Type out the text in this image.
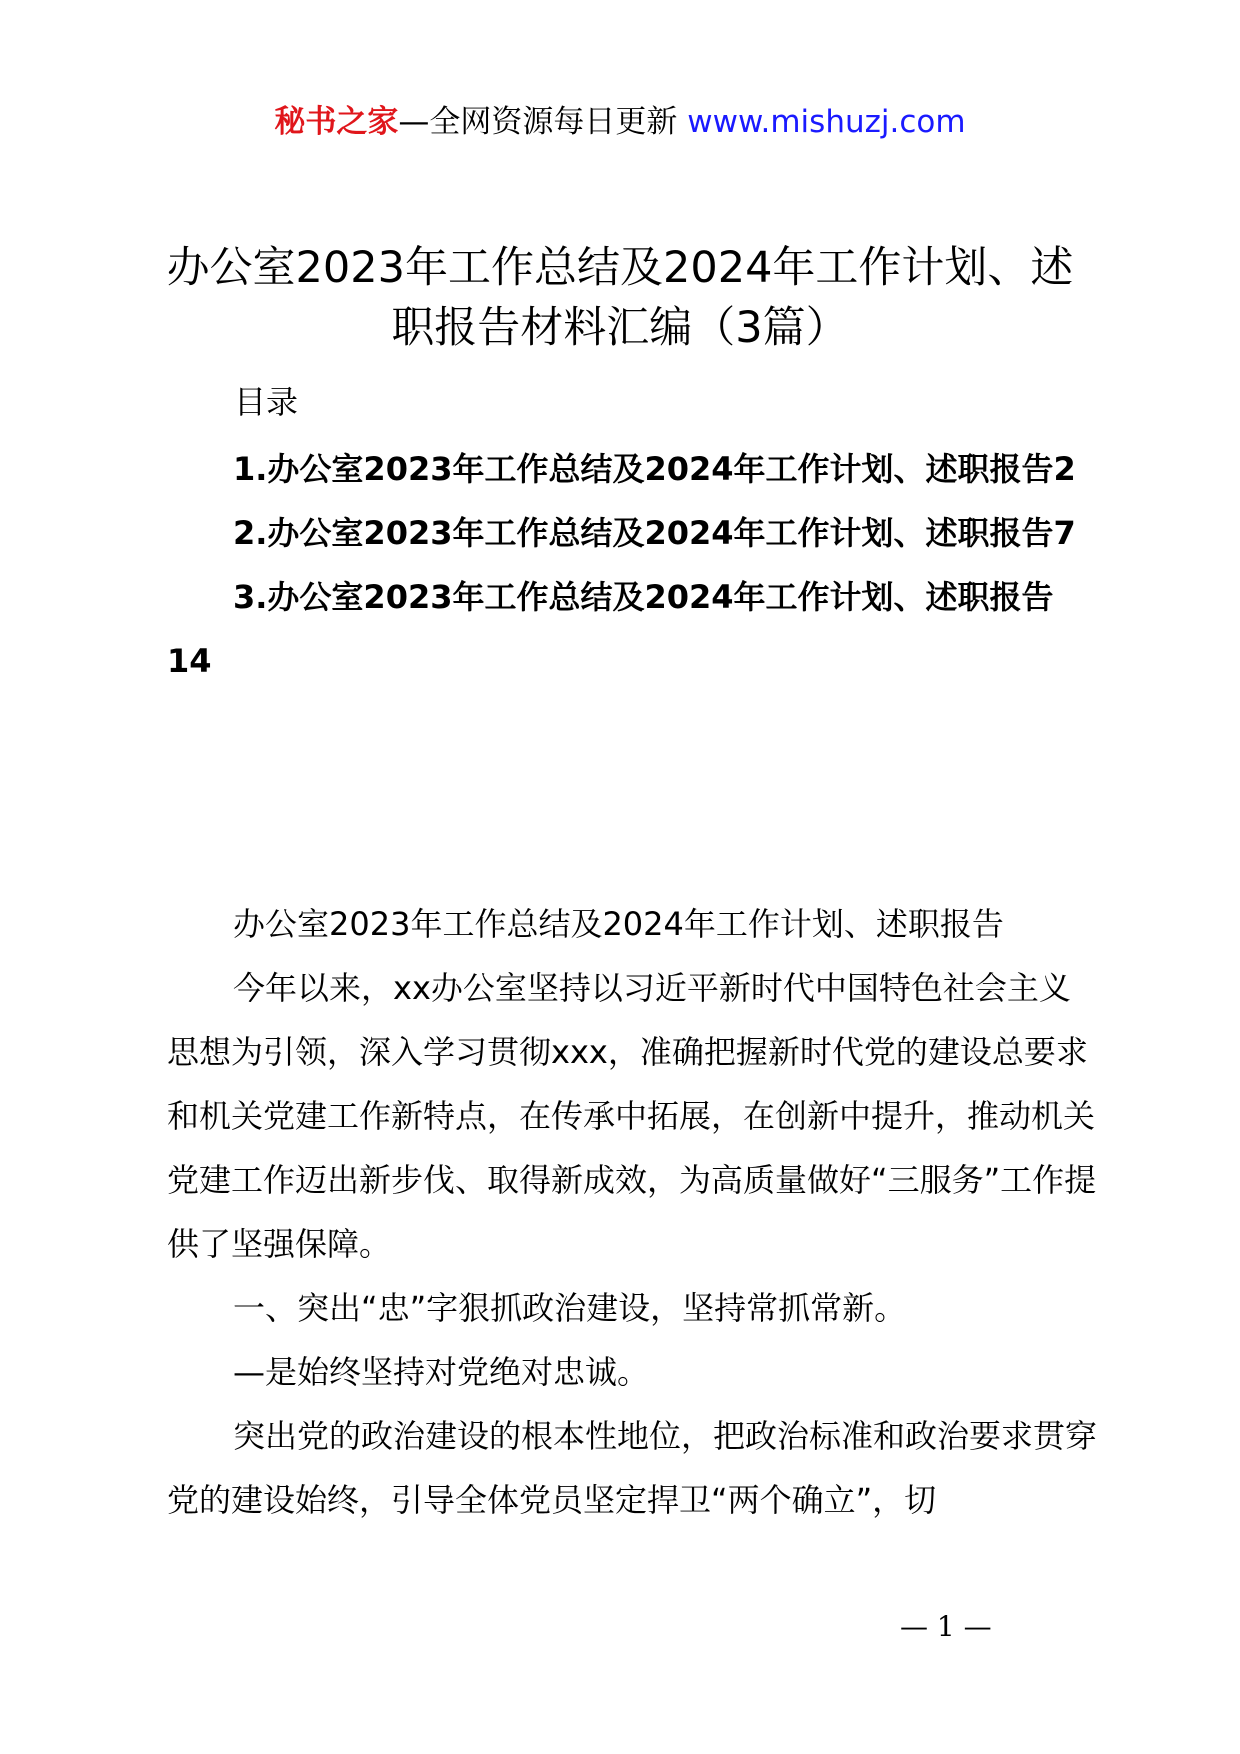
秘书之家—全网资源每日更新 www.mishuzj.com
办公室2023年工作总结及2024年工作计划、述职报告材料汇编（3篇）
目录

1.办公室2023年工作总结及2024年工作计划、述职报告2

2.办公室2023年工作总结及2024年工作计划、述职报告7

3.办公室2023年工作总结及2024年工作计划、述职报告14

办公室2023年工作总结及2024年工作计划、述职报告

今年以来，xx办公室坚持以习近平新时代中国特色社会主义思想为引领，深入学习贯彻xxx，准确把握新时代党的建设总要求和机关党建工作新特点，在传承中拓展，在创新中提升，推动机关党建工作迈出新步伐、取得新成效，为高质量做好“三服务”工作提供了坚强保障。

一、突出“忠”字狠抓政治建设，坚持常抓常新。

—是始终坚持对党绝对忠诚。

突出党的政治建设的根本性地位，把政治标准和政治要求贯穿党的建设始终，引导全体党员坚定捍卫“两个确立”，切

— 1 —
